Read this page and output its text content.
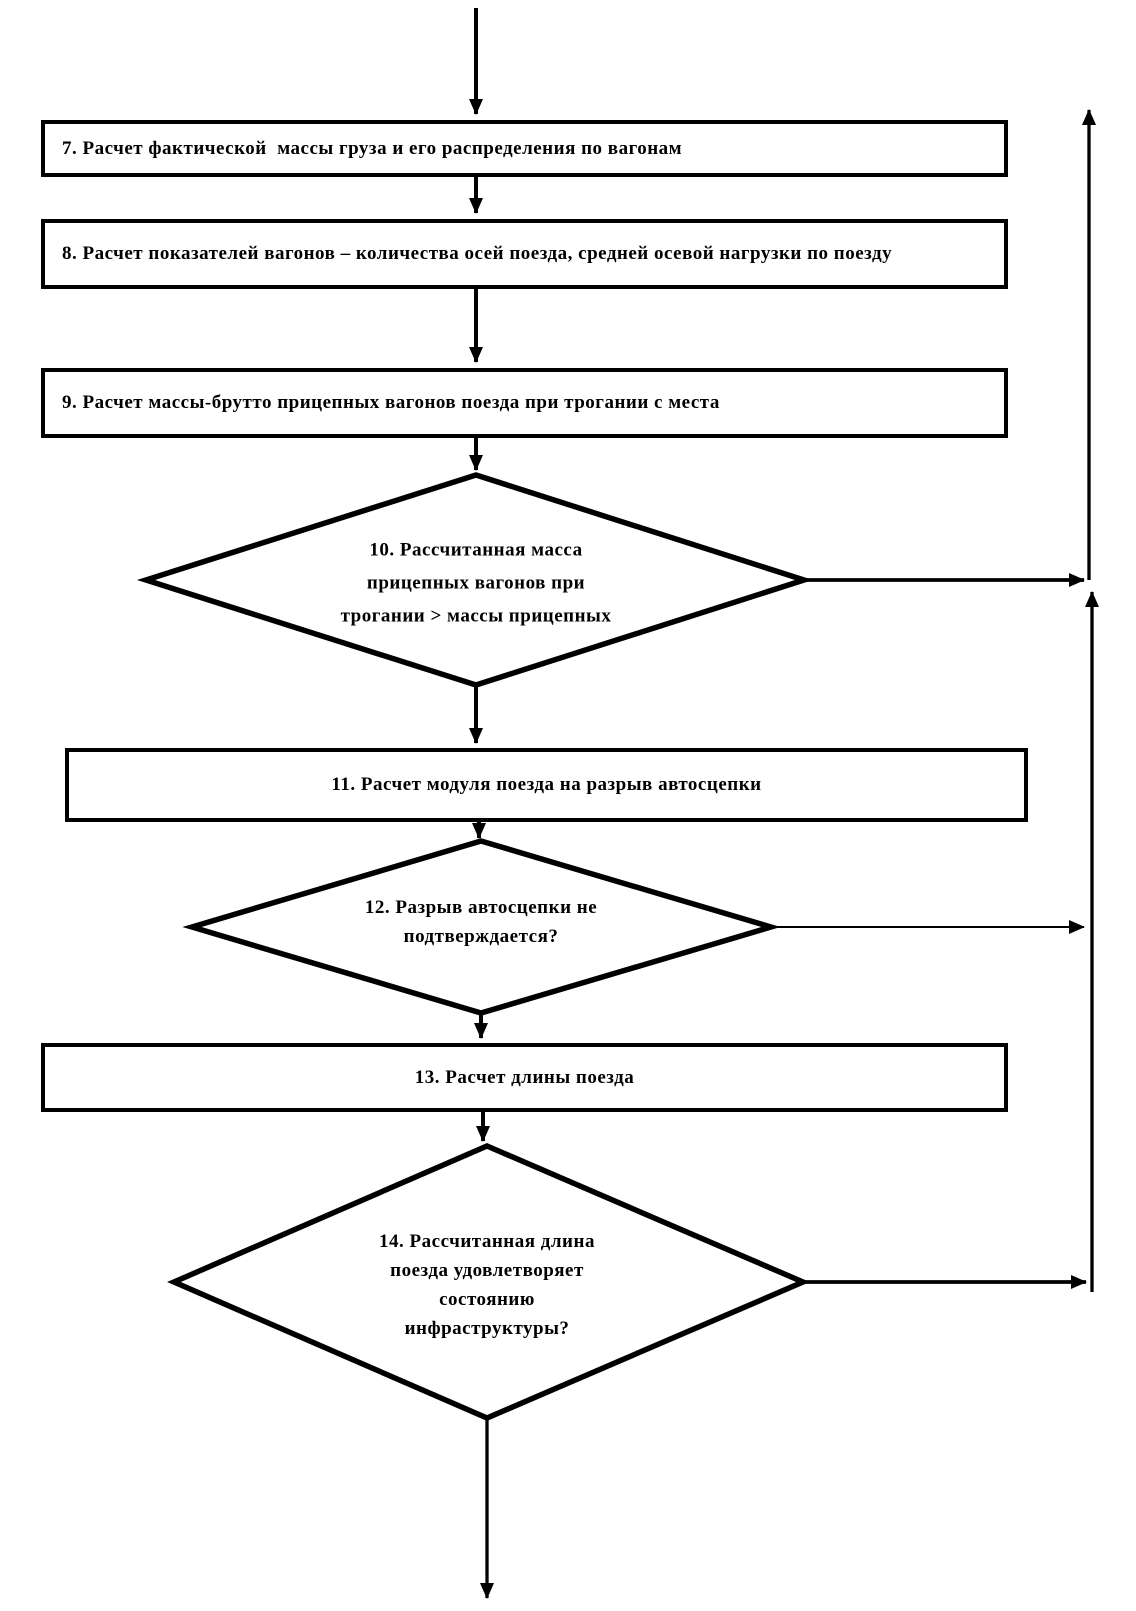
7. Расчет фактической  массы груза и его распределения по вагонам
8. Расчет показателей вагонов – количества осей поезда, средней осевой нагрузки по поезду
9. Расчет массы-брутто прицепных вагонов поезда при трогании с места
10. Рассчитанная масса
прицепных вагонов при
трогании > массы прицепных
11. Расчет модуля поезда на разрыв автосцепки
12. Разрыв автосцепки не
подтверждается?
13. Расчет длины поезда
14. Рассчитанная длина
поезда удовлетворяет
состоянию
инфраструктуры?
